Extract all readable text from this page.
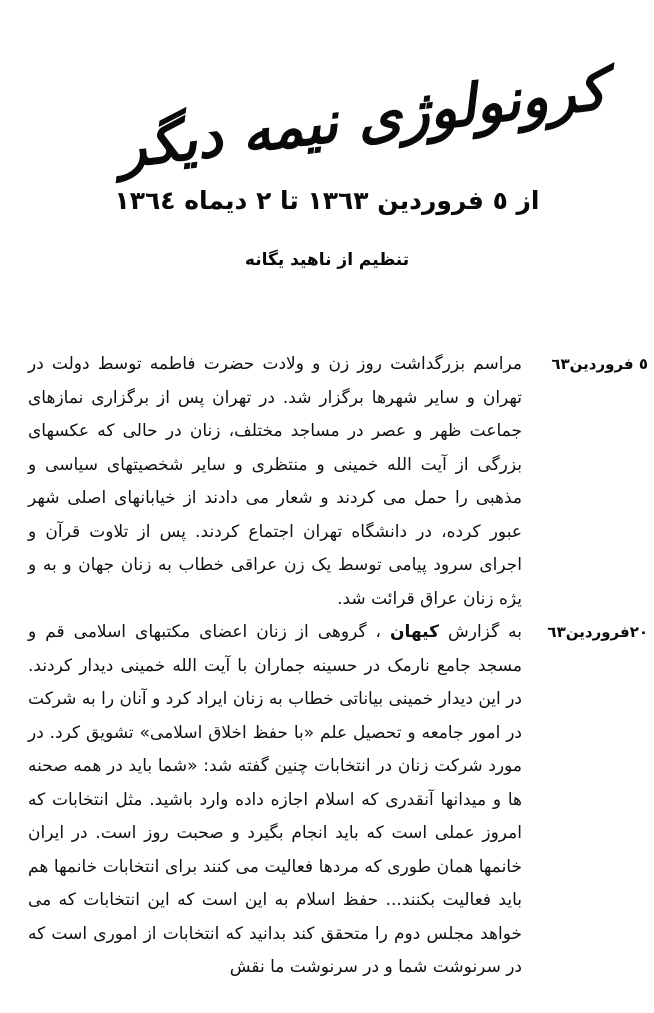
کرونولوژی نیمه دیگر
از ٥ فروردین ١٣٦٣ تا ٢ دیماه ١٣٦٤
تنظیم از ناهید یگانه
٥ فروردین٦٣

مراسم بزرگداشت روز زن و ولادت حضرت فاطمه توسط دولت در تهران و سایر شهرها برگزار شد. در تهران پس از برگزاری نمازهای جماعت ظهر و عصر در مساجد مختلف، زنان در حالی که عکسهای بزرگی از آیت الله خمینی و منتظری و سایر شخصیتهای سیاسی و مذهبی را حمل می کردند و شعار می دادند از خیابانهای اصلی شهر عبور کرده، در دانشگاه تهران اجتماع کردند. پس از تلاوت قرآن و اجرای سرود پیامی توسط یک زن عراقی خطاب به زنان جهان و به و یژه زنان عراق قرائت شد.

٢٠فروردین٦٣

به گزارش کیهان ، گروهی از زنان اعضای مکتبهای اسلامی قم و مسجد جامع نارمک در حسینه جماران با آیت الله خمینی دیدار کردند. در این دیدار خمینی بیاناتی خطاب به زنان ایراد کرد و آنان را به شرکت در امور جامعه و تحصیل علم «با حفظ اخلاق اسلامی» تشویق کرد. در مورد شرکت زنان در انتخابات چنین گفته شد: «شما باید در همه صحنه ها و میدانها آنقدری که اسلام اجازه داده وارد باشید. مثل انتخابات که امروز عملی است که باید انجام بگیرد و صحبت روز است. در ایران خانمها همان طوری که مردها فعالیت می کنند برای انتخابات خانمها هم باید فعالیت بکنند... حفظ اسلام به این است که این انتخابات که می خواهد مجلس دوم را متحقق کند بدانید که انتخابات از اموری است که در سرنوشت شما و در سرنوشت ما نقش
